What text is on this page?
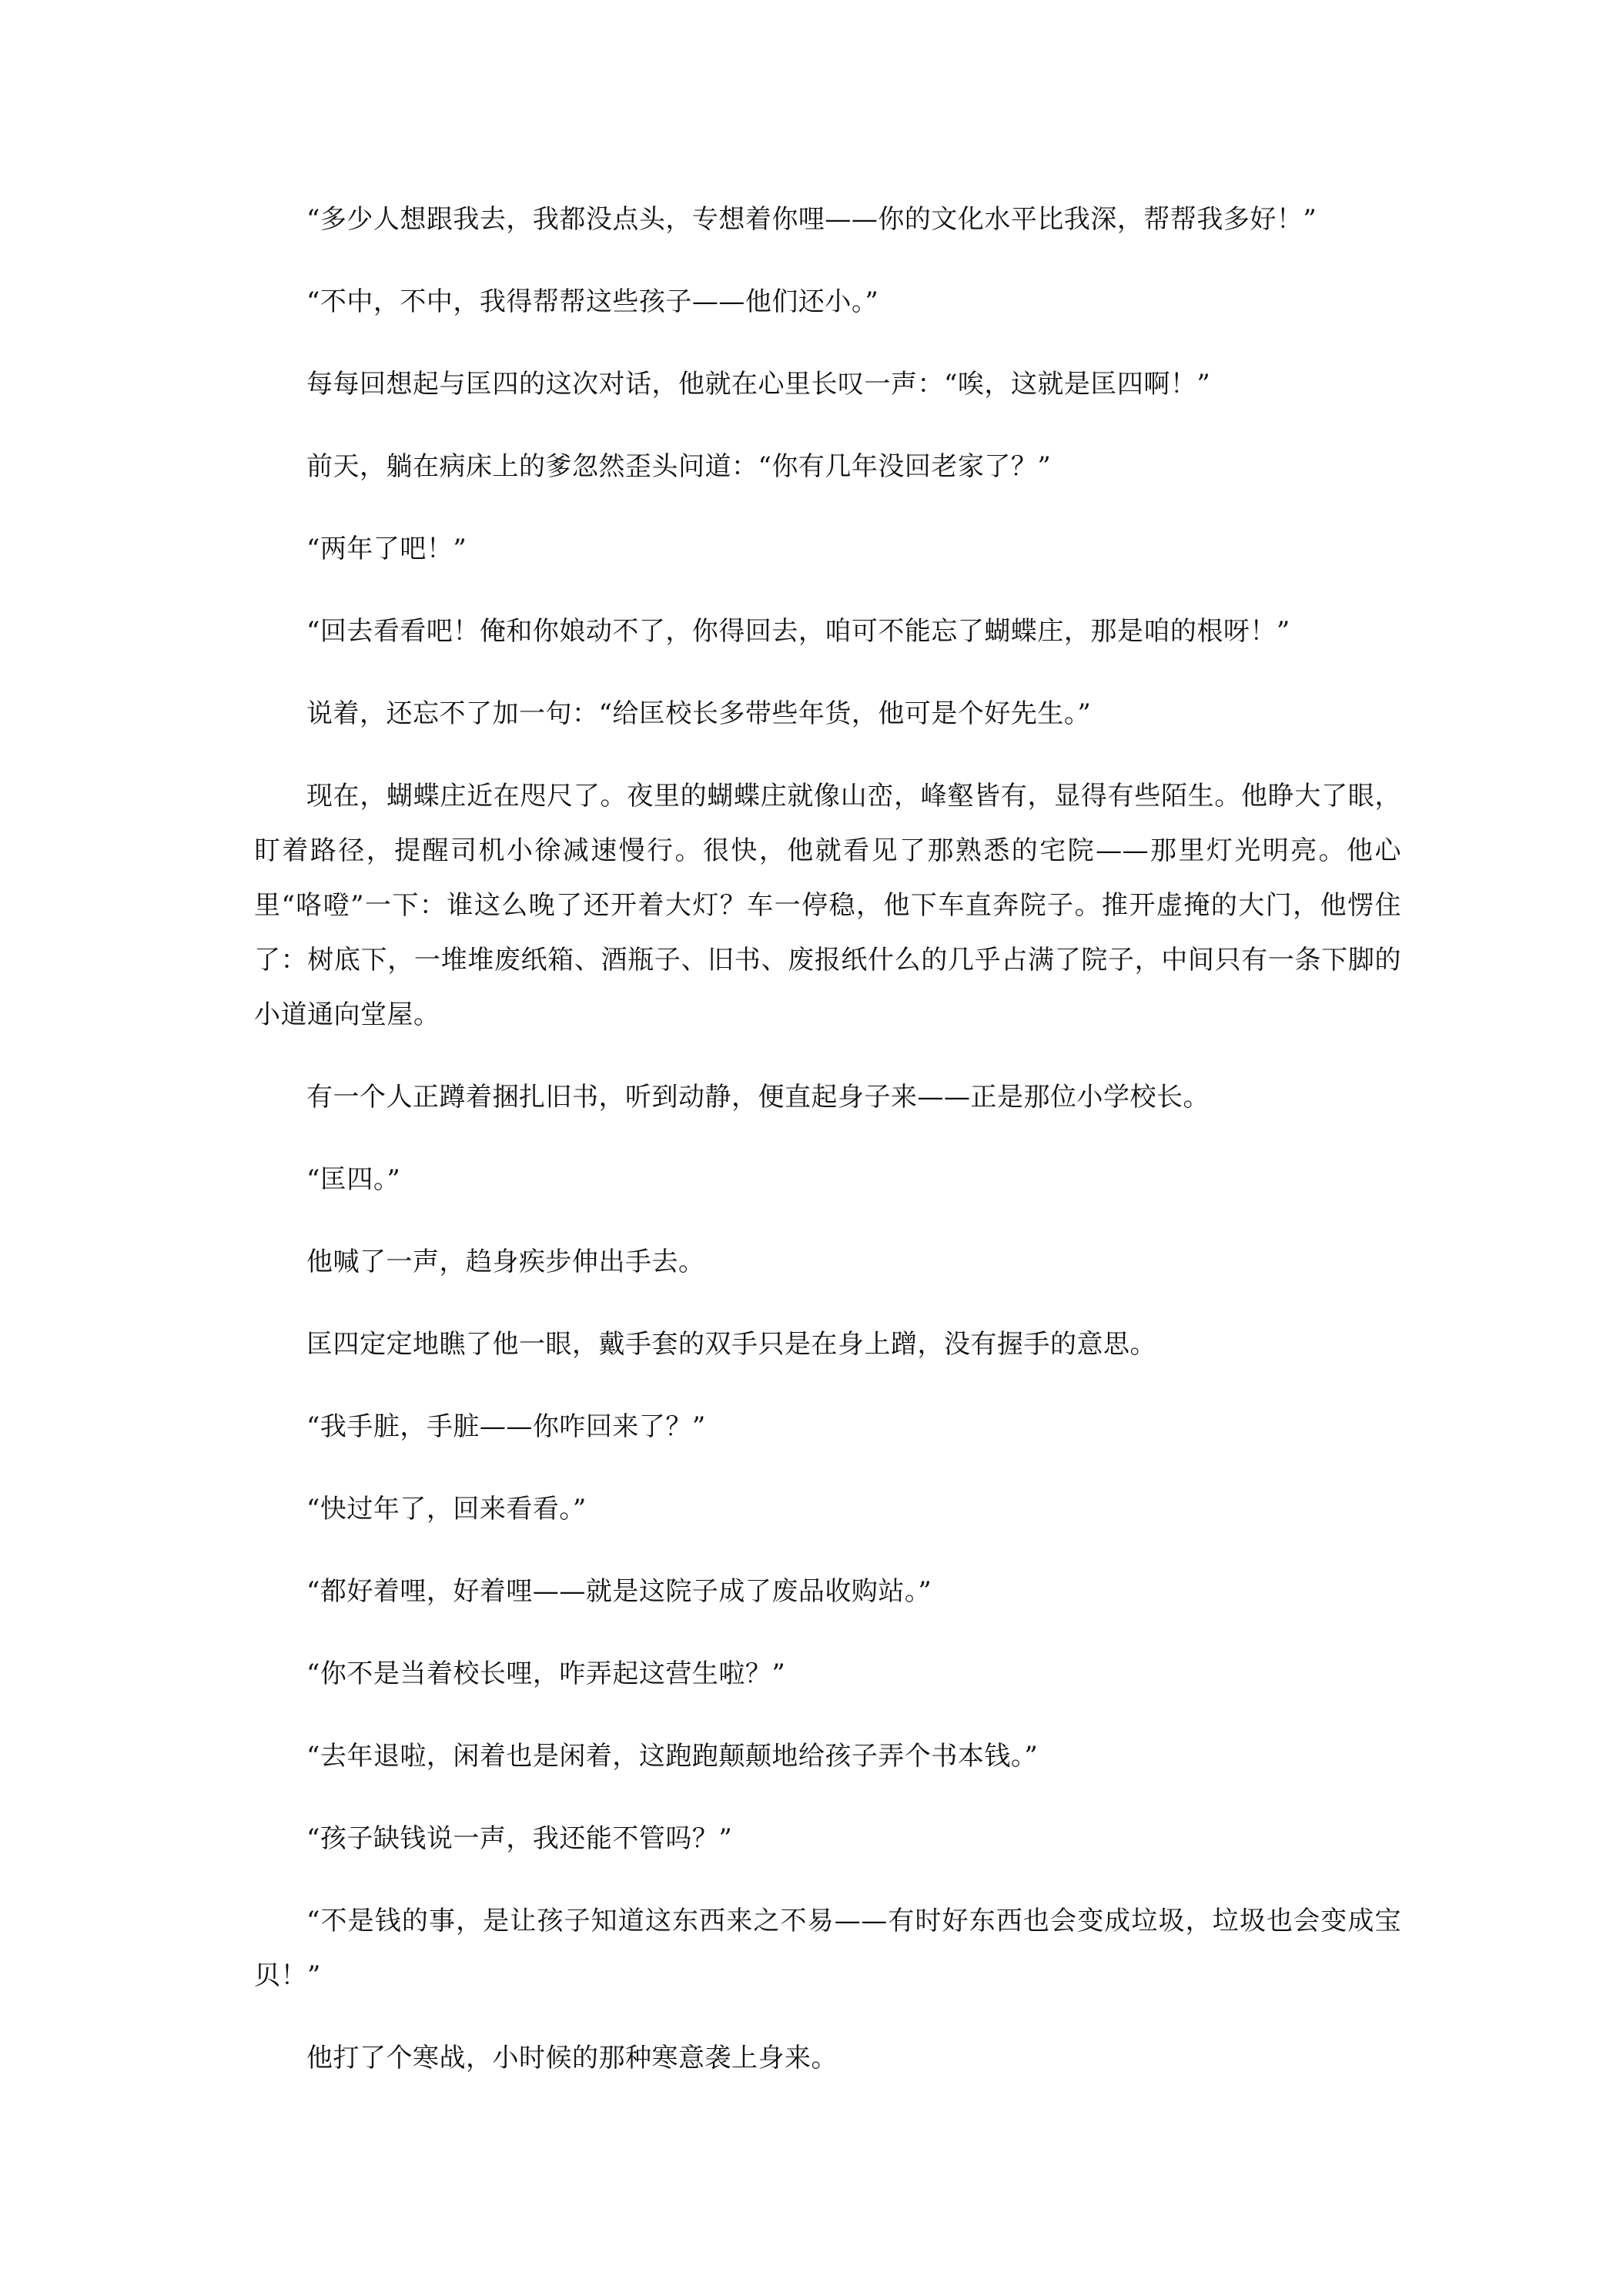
“多少人想跟我去，我都没点头，专想着你哩——你的文化水平比我深，帮帮我多好！”

“不中，不中，我得帮帮这些孩子——他们还小。”

每每回想起与匡四的这次对话，他就在心里长叹一声：“唉，这就是匡四啊！”

前天，躺在病床上的爹忽然歪头问道：“你有几年没回老家了？”

“两年了吧！”

“回去看看吧！俺和你娘动不了，你得回去，咱可不能忘了蝴蝶庄，那是咱的根呀！”

说着，还忘不了加一句：“给匡校长多带些年货，他可是个好先生。”

现在，蝴蝶庄近在咫尺了。夜里的蝴蝶庄就像山峦，峰壑皆有，显得有些陌生。他睁大了眼，盯着路径，提醒司机小徐减速慢行。很快，他就看见了那熟悉的宅院——那里灯光明亮。他心里“咯噔”一下：谁这么晚了还开着大灯？车一停稳，他下车直奔院子。推开虚掩的大门，他愣住了：树底下，一堆堆废纸箱、酒瓶子、旧书、废报纸什么的几乎占满了院子，中间只有一条下脚的小道通向堂屋。

有一个人正蹲着捆扎旧书，听到动静，便直起身子来——正是那位小学校长。

“匡四。”

他喊了一声，趋身疾步伸出手去。

匡四定定地瞧了他一眼，戴手套的双手只是在身上蹭，没有握手的意思。

“我手脏，手脏——你咋回来了？”

“快过年了，回来看看。”

“都好着哩，好着哩——就是这院子成了废品收购站。”

“你不是当着校长哩，咋弄起这营生啦？”

“去年退啦，闲着也是闲着，这跑跑颠颠地给孩子弄个书本钱。”

“孩子缺钱说一声，我还能不管吗？”

“不是钱的事，是让孩子知道这东西来之不易——有时好东西也会变成垃圾，垃圾也会变成宝贝！”

他打了个寒战，小时候的那种寒意袭上身来。
